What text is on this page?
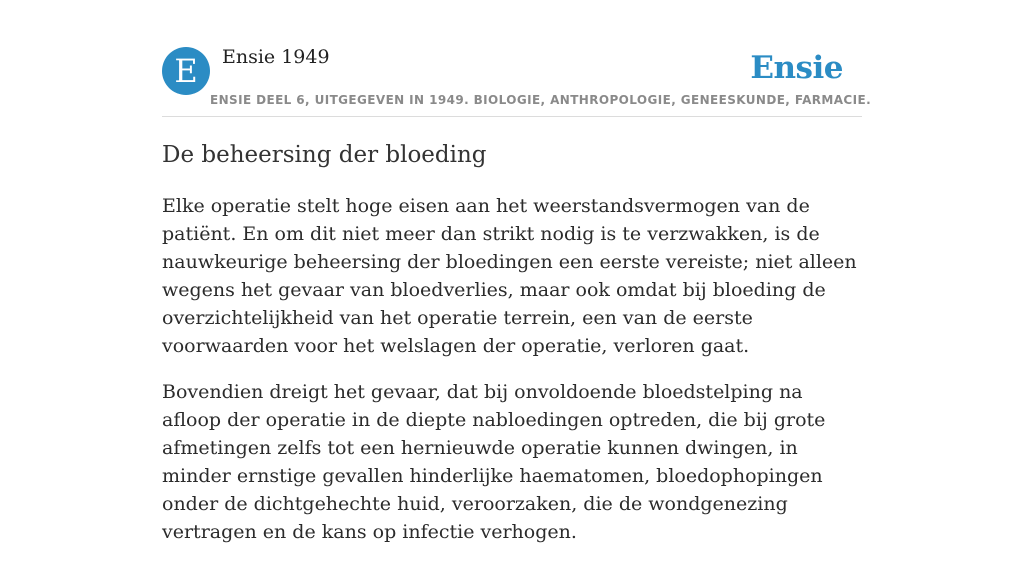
E	Ensie 1949	Ensie
ENSIE DEEL 6, UITGEGEVEN IN 1949. BIOLOGIE, ANTHROPOLOGIE, GENEESKUNDE, FARMACIE.
De beheersing der bloeding

Elke operatie stelt hoge eisen aan het weerstandsvermogen van de patiënt. En om dit niet meer dan strikt nodig is te verzwakken, is de nauwkeurige beheersing der bloedingen een eerste vereiste; niet alleen wegens het gevaar van bloedverlies, maar ook omdat bij bloeding de overzichtelijkheid van het operatie terrein, een van de eerste voorwaarden voor het welslagen der operatie, verloren gaat.

Bovendien dreigt het gevaar, dat bij onvoldoende bloedstelping na afloop der operatie in de diepte nabloedingen optreden, die bij grote afmetingen zelfs tot een hernieuwde operatie kunnen dwingen, in minder ernstige gevallen hinderlijke haematomen, bloedophopingen onder de dichtgehechte huid, veroorzaken, die de wondgenezing vertragen en de kans op infectie verhogen.
